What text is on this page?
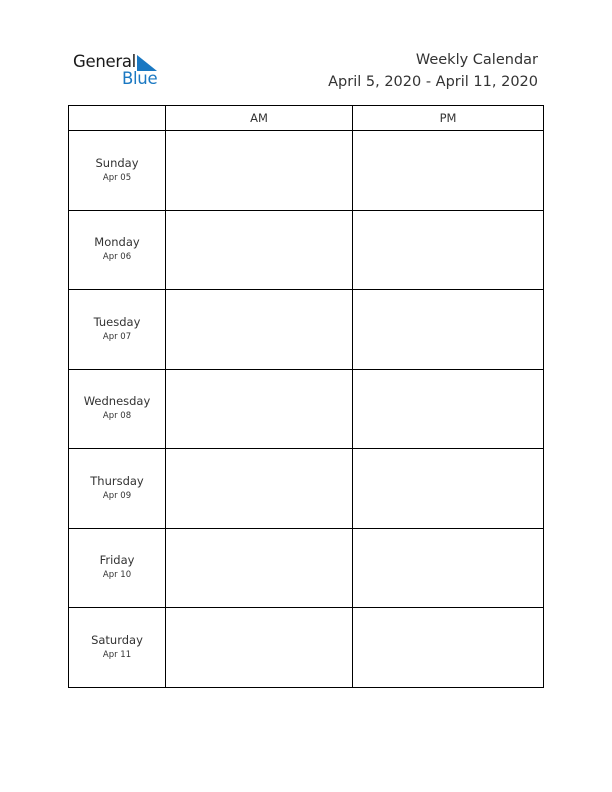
General
Blue
Weekly Calendar
April 5, 2020 - April 11, 2020
	AM	PM

Sunday
Apr 05		

Monday
Apr 06		

Tuesday
Apr 07		

Wednesday
Apr 08		

Thursday
Apr 09		

Friday
Apr 10		

Saturday
Apr 11		
